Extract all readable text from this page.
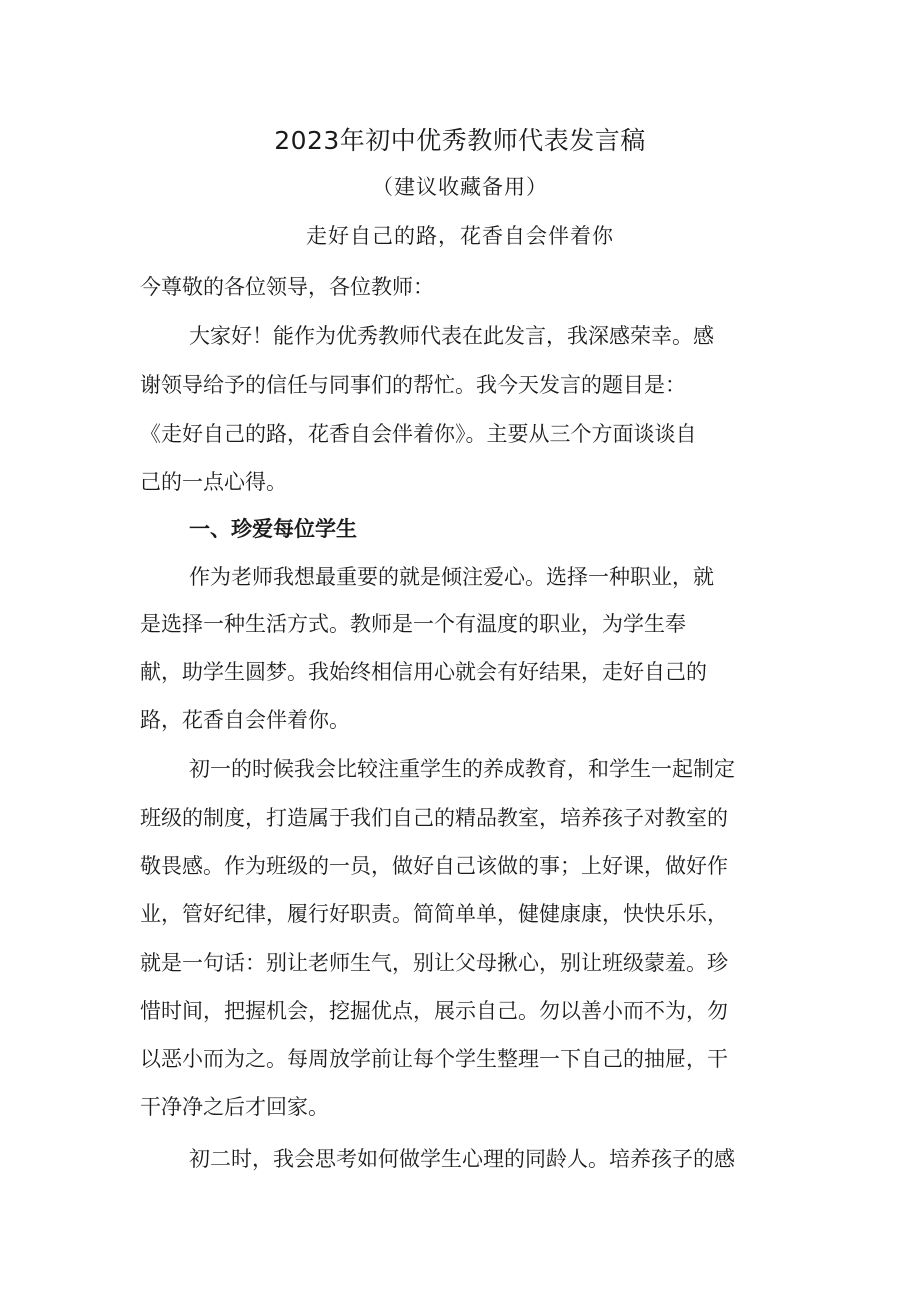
2023年初中优秀教师代表发言稿
（建议收藏备用）
走好自己的路，花香自会伴着你
今尊敬的各位领导，各位教师：
大家好！能作为优秀教师代表在此发言，我深感荣幸。感
谢领导给予的信任与同事们的帮忙。我今天发言的题目是：
《走好自己的路，花香自会伴着你》。主要从三个方面谈谈自
己的一点心得。
一、珍爱每位学生
作为老师我想最重要的就是倾注爱心。选择一种职业，就
是选择一种生活方式。教师是一个有温度的职业，为学生奉
献，助学生圆梦。我始终相信用心就会有好结果，走好自己的
路，花香自会伴着你。
初一的时候我会比较注重学生的养成教育，和学生一起制定
班级的制度，打造属于我们自己的精品教室，培养孩子对教室的
敬畏感。作为班级的一员，做好自己该做的事；上好课，做好作
业，管好纪律，履行好职责。简简单单，健健康康，快快乐乐，
就是一句话：别让老师生气，别让父母揪心，别让班级蒙羞。珍
惜时间，把握机会，挖掘优点，展示自己。勿以善小而不为，勿
以恶小而为之。每周放学前让每个学生整理一下自己的抽屉，干
干净净之后才回家。
初二时，我会思考如何做学生心理的同龄人。培养孩子的感
